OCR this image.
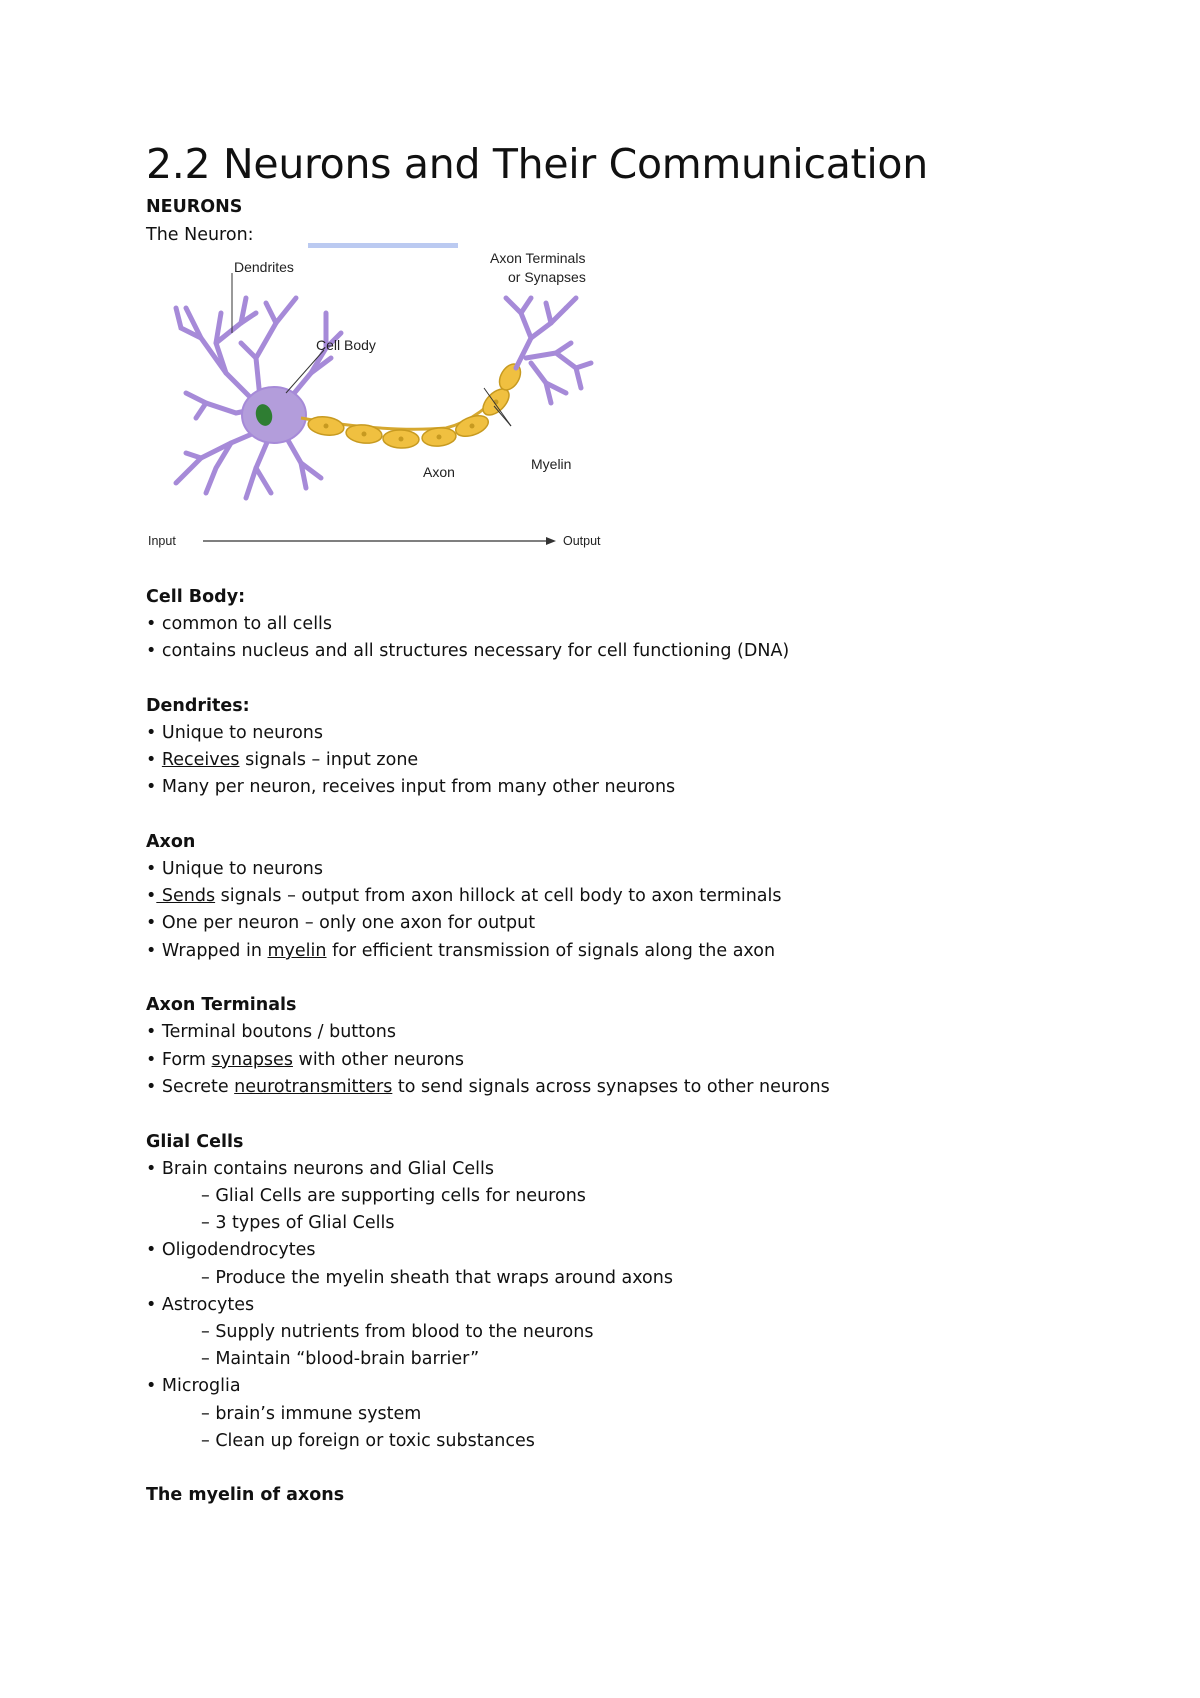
2.2 Neurons and Their Communication
NEURONS
The Neuron:
Dendrites
Axon Terminals
or Synapses
Cell Body
Axon	Myelin
Input	Output
Cell Body:
• common to all cells
• contains nucleus and all structures necessary for cell functioning (DNA)
Dendrites:
• Unique to neurons
• Receives signals – input zone
• Many per neuron, receives input from many other neurons
Axon
• Unique to neurons
• Sends signals – output from axon hillock at cell body to axon terminals
• One per neuron – only one axon for output
• Wrapped in myelin for efficient transmission of signals along the axon
Axon Terminals
• Terminal boutons / buttons
• Form synapses with other neurons
• Secrete neurotransmitters to send signals across synapses to other neurons
Glial Cells
• Brain contains neurons and Glial Cells
– Glial Cells are supporting cells for neurons
– 3 types of Glial Cells
• Oligodendrocytes
– Produce the myelin sheath that wraps around axons
• Astrocytes
– Supply nutrients from blood to the neurons
– Maintain “blood-brain barrier”
• Microglia
– brain’s immune system
– Clean up foreign or toxic substances
The myelin of axons
